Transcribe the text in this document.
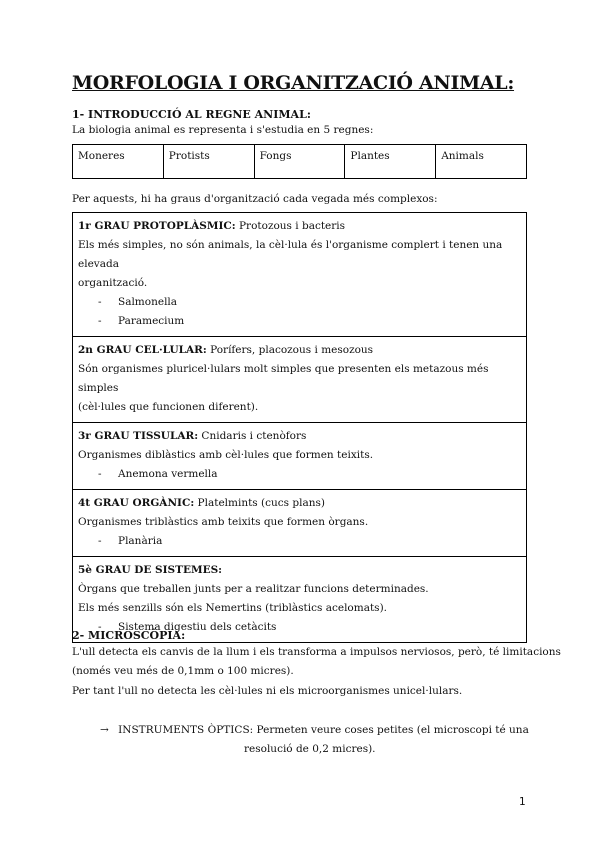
MORFOLOGIA I ORGANITZACIÓ ANIMAL:
1- INTRODUCCIÓ AL REGNE ANIMAL:
La biologia animal es representa i s'estudia en 5 regnes:
Moneres	Protists	Fongs	Plantes	Animals
Per aquests, hi ha graus d'organització cada vegada més complexos:
1r GRAU PROTOPLÀSMIC: Protozous i bacteris
Els més simples, no són animals, la cèl·lula és l'organisme complert i tenen una elevada
organització.
- Salmonella
- Paramecium
2n GRAU CEL·LULAR: Porífers, placozous i mesozous
Són organismes pluricel·lulars molt simples que presenten els metazous més simples
(cèl·lules que funcionen diferent).
3r GRAU TISSULAR: Cnidaris i ctenòfors
Organismes diblàstics amb cèl·lules que formen teixits.
- Anemona vermella
4t GRAU ORGÀNIC: Platelmints (cucs plans)
Organismes triblàstics amb teixits que formen òrgans.
- Planària
5è GRAU DE SISTEMES:
Òrgans que treballen junts per a realitzar funcions determinades.
Els més senzills són els Nemertins (triblàstics acelomats).
- Sistema digestiu dels cetàcits
2- MICROSCÒPIA:
L'ull detecta els canvis de la llum i els transforma a impulsos nerviosos, però, té limitacions
(només veu més de 0,1mm o 100 micres).
Per tant l'ull no detecta les cèl·lules ni els microorganismes unicel·lulars.
→ INSTRUMENTS ÒPTICS: Permeten veure coses petites (el microscopi té una
resolució de 0,2 micres).
1
